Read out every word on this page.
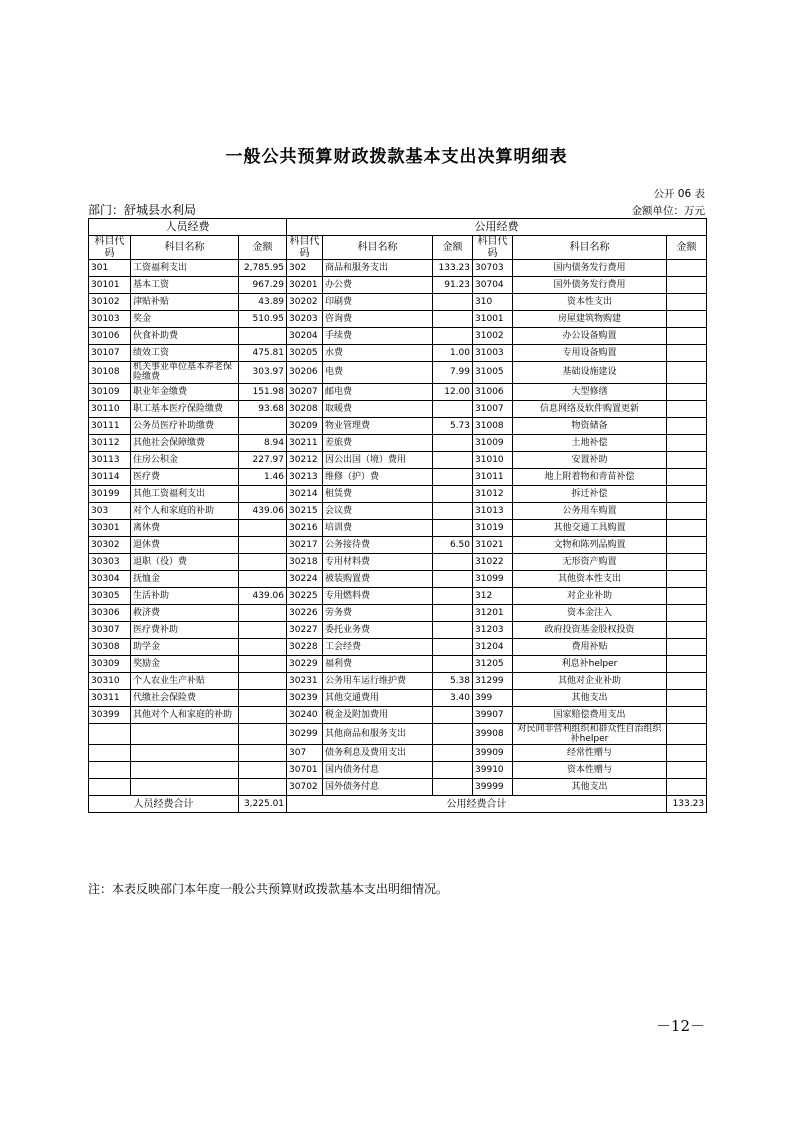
一般公共预算财政拨款基本支出决算明细表
公开 06 表
部门：舒城县水利局	金额单位：万元
人员经费			公用经费					
科目代码	科目名称	金额	科目代码	科目名称	金额	科目代码	科目名称	金额
301	工资福利支出	2,785.95	302	商品和服务支出	133.23	30703	国内债务发行费用	
30101	基本工资	967.29	30201	办公费	91.23	30704	国外债务发行费用	
30102	津贴补贴	43.89	30202	印刷费		310	资本性支出	
30103	奖金	510.95	30203	咨询费		31001	房屋建筑物购建	
30106	伙食补助费		30204	手续费		31002	办公设备购置	
30107	绩效工资	475.81	30205	水费	1.00	31003	专用设备购置	
30108	机关事业单位基本养老保险缴费	303.97	30206	电费	7.99	31005	基础设施建设	
30109	职业年金缴费	151.98	30207	邮电费	12.00	31006	大型修缮	
30110	职工基本医疗保险缴费	93.68	30208	取暖费		31007	信息网络及软件购置更新	
30111	公务员医疗补助缴费		30209	物业管理费	5.73	31008	物资储备	
30112	其他社会保障缴费	8.94	30211	差旅费		31009	土地补偿	
30113	住房公积金	227.97	30212	因公出国（境）费用		31010	安置补助	
30114	医疗费	1.46	30213	维修（护）费		31011	地上附着物和青苗补偿	
30199	其他工资福利支出		30214	租赁费		31012	拆迁补偿	
303	对个人和家庭的补助	439.06	30215	会议费		31013	公务用车购置	
30301	离休费		30216	培训费		31019	其他交通工具购置	
30302	退休费		30217	公务接待费	6.50	31021	文物和陈列品购置	
30303	退职（役）费		30218	专用材料费		31022	无形资产购置	
30304	抚恤金		30224	被装购置费		31099	其他资本性支出	
30305	生活补助	439.06	30225	专用燃料费		312	对企业补助	
30306	救济费		30226	劳务费		31201	资本金注入	
30307	医疗费补助		30227	委托业务费		31203	政府投资基金股权投资	
30308	助学金		30228	工会经费		31204	费用补贴	
30309	奖励金		30229	福利费		31205	利息补helper	
30310	个人农业生产补贴		30231	公务用车运行维护费	5.38	31299	其他对企业补助	
30311	代缴社会保险费		30239	其他交通费用	3.40	399	其他支出	
30399	其他对个人和家庭的补助		30240	税金及附加费用		39907	国家赔偿费用支出	
			30299	其他商品和服务支出		39908	对民间非营利组织和群众性自治组织补helper	
			307	债务利息及费用支出		39909	经常性赠与	
			30701	国内债务付息		39910	资本性赠与	
			30702	国外债务付息		39999	其他支出	
人员经费合计		3,225.01	公用经费合计					133.23
注：本表反映部门本年度一般公共预算财政拨款基本支出明细情况。
－12－
